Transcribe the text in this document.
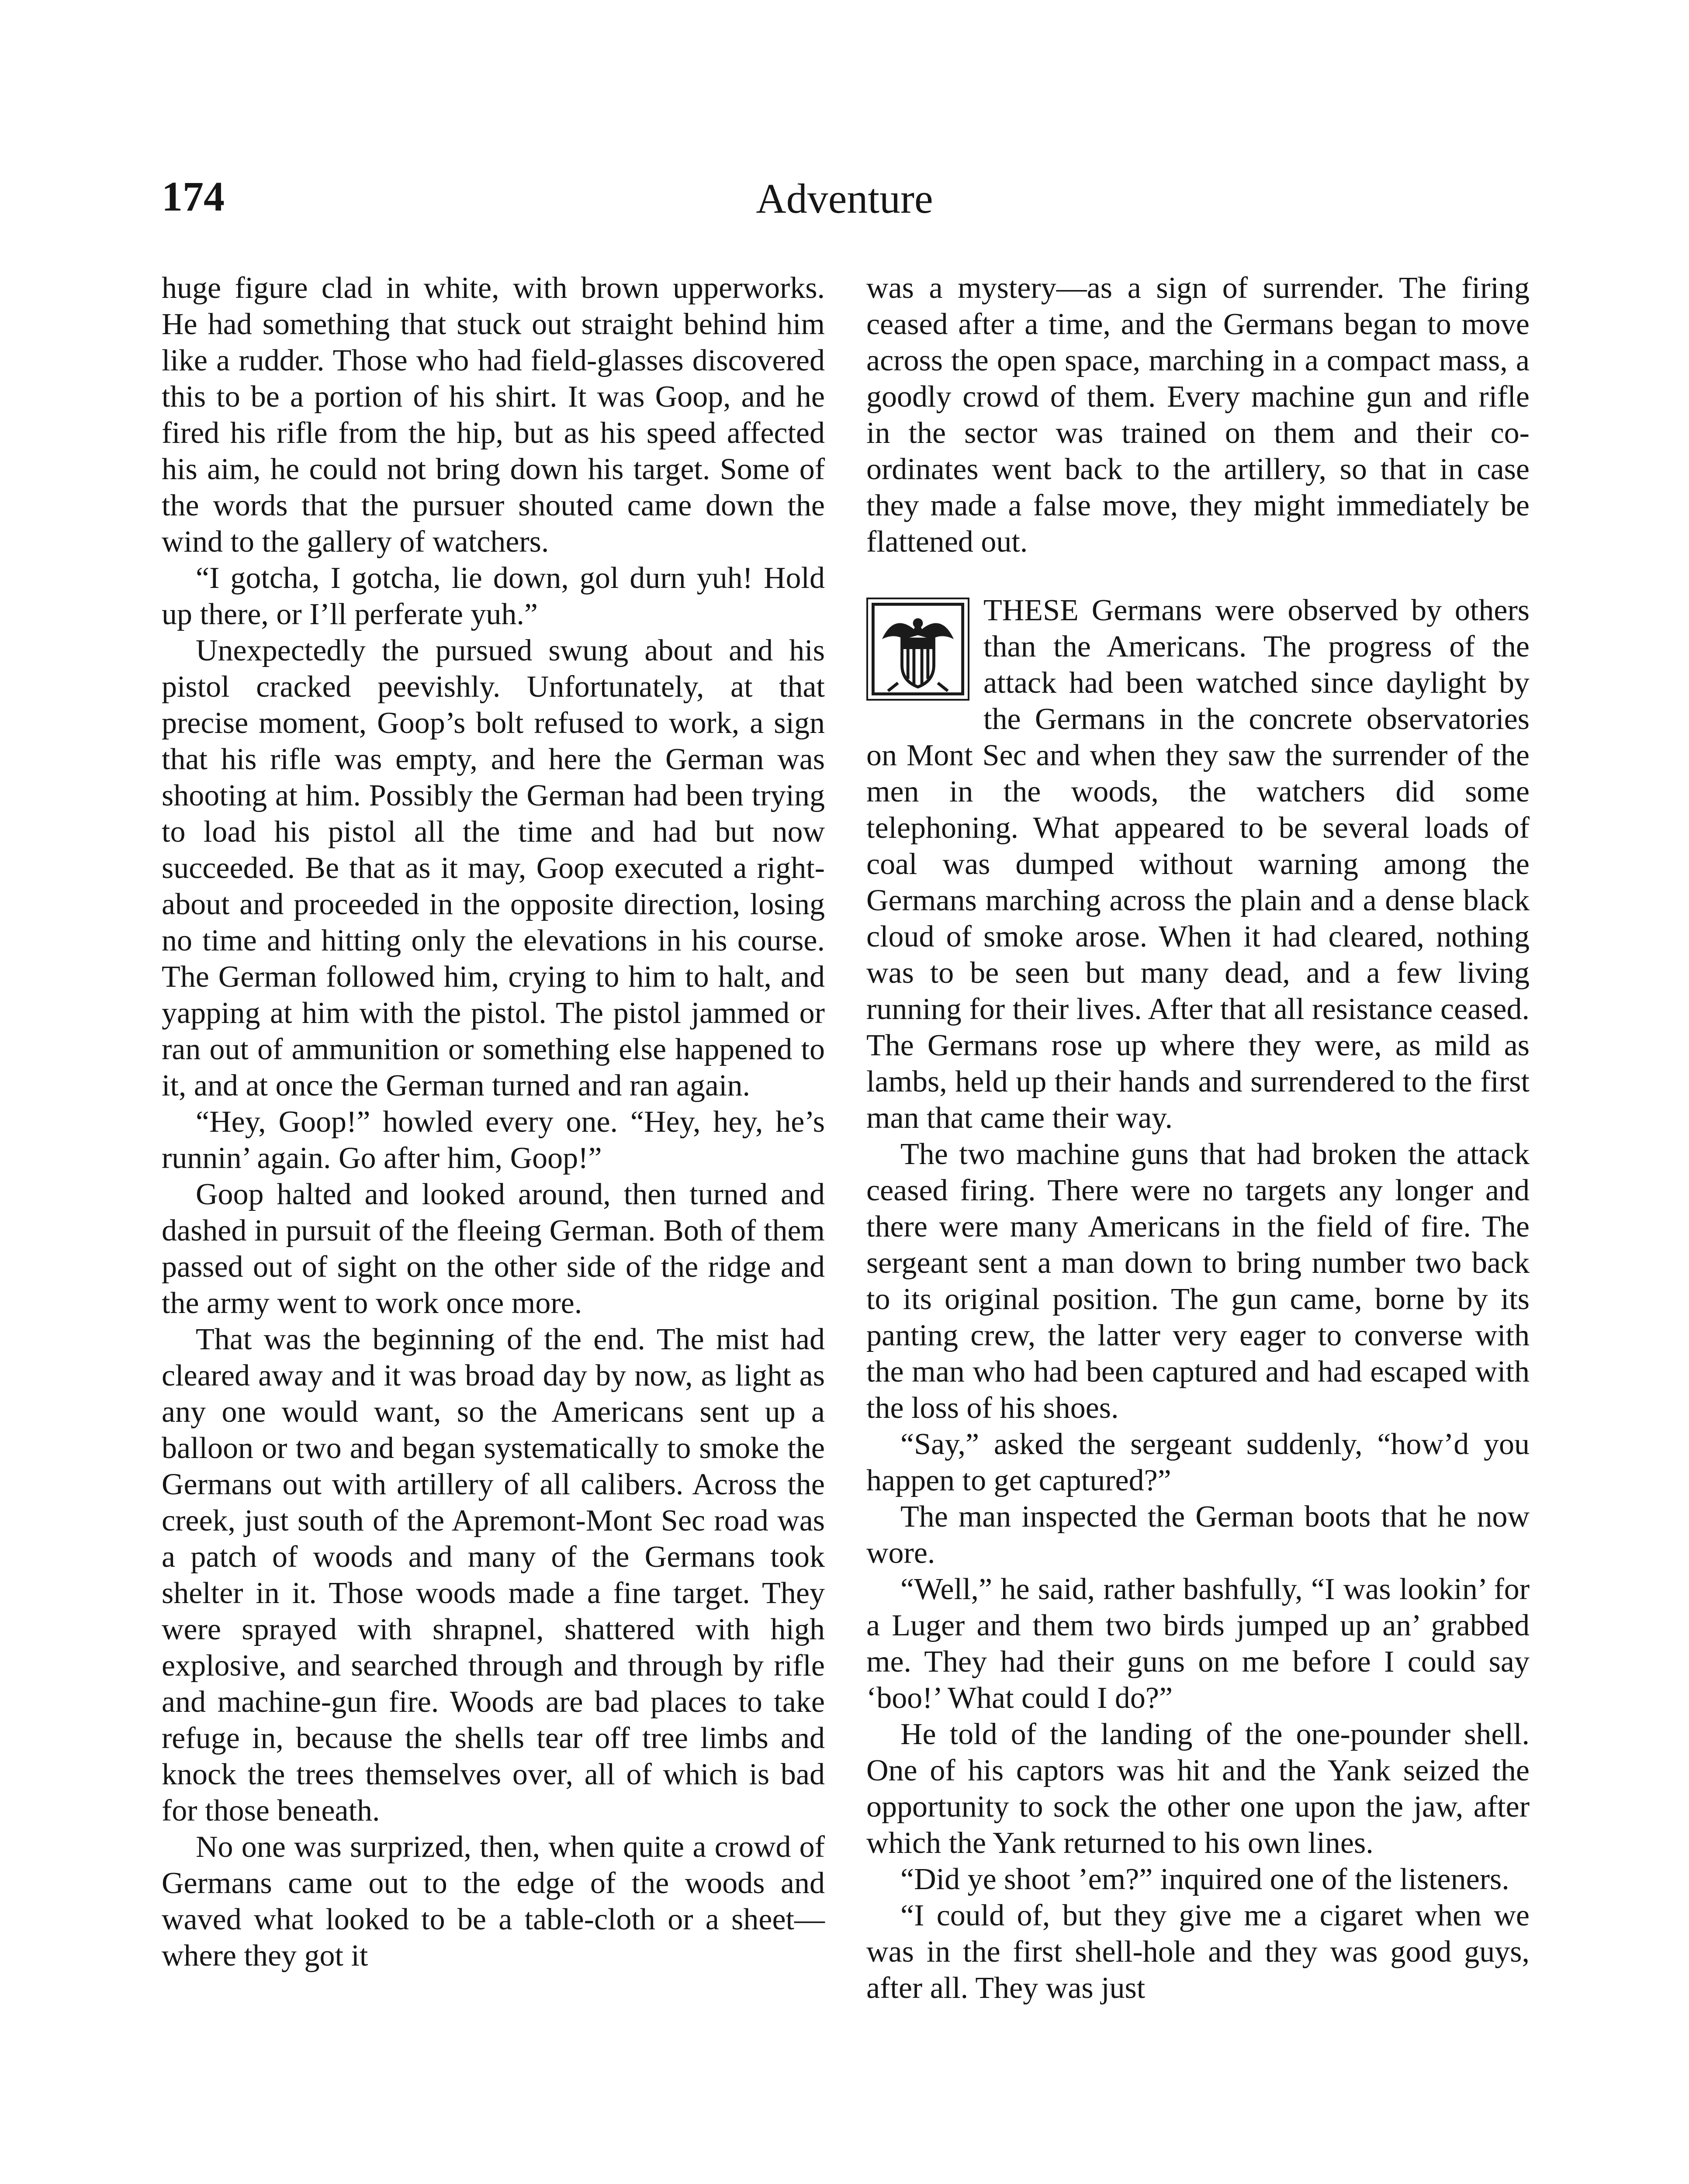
174	Adventure

huge figure clad in white, with brown upperworks. He had something that stuck out straight behind him like a rudder. Those who had field-glasses discovered this to be a portion of his shirt. It was Goop, and he fired his rifle from the hip, but as his speed affected his aim, he could not bring down his target. Some of the words that the pursuer shouted came down the wind to the gallery of watchers.

“I gotcha, I gotcha, lie down, gol durn yuh! Hold up there, or I’ll perferate yuh.”

Unexpectedly the pursued swung about and his pistol cracked peevishly. Unfortunately, at that precise moment, Goop’s bolt refused to work, a sign that his rifle was empty, and here the German was shooting at him. Possibly the German had been trying to load his pistol all the time and had but now succeeded. Be that as it may, Goop executed a right-about and proceeded in the opposite direction, losing no time and hitting only the elevations in his course. The German followed him, crying to him to halt, and yapping at him with the pistol. The pistol jammed or ran out of ammunition or something else happened to it, and at once the German turned and ran again.

“Hey, Goop!” howled every one. “Hey, hey, he’s runnin’ again. Go after him, Goop!”

Goop halted and looked around, then turned and dashed in pursuit of the fleeing German. Both of them passed out of sight on the other side of the ridge and the army went to work once more.

That was the beginning of the end. The mist had cleared away and it was broad day by now, as light as any one would want, so the Americans sent up a balloon or two and began systematically to smoke the Germans out with artillery of all calibers. Across the creek, just south of the Apremont-Mont Sec road was a patch of woods and many of the Germans took shelter in it. Those woods made a fine target. They were sprayed with shrapnel, shattered with high explosive, and searched through and through by rifle and machine-gun fire. Woods are bad places to take refuge in, because the shells tear off tree limbs and knock the trees themselves over, all of which is bad for those beneath.

No one was surprized, then, when quite a crowd of Germans came out to the edge of the woods and waved what looked to be a table-cloth or a sheet—where they got it

was a mystery—as a sign of surrender. The firing ceased after a time, and the Germans began to move across the open space, marching in a compact mass, a goodly crowd of them. Every machine gun and rifle in the sector was trained on them and their co-ordinates went back to the artillery, so that in case they made a false move, they might immediately be flattened out.

THESE Germans were observed by others than the Americans. The progress of the attack had been watched since daylight by the Germans in the concrete observatories on Mont Sec and when they saw the surrender of the men in the woods, the watchers did some telephoning. What appeared to be several loads of coal was dumped without warning among the Germans marching across the plain and a dense black cloud of smoke arose. When it had cleared, nothing was to be seen but many dead, and a few living running for their lives. After that all resistance ceased. The Germans rose up where they were, as mild as lambs, held up their hands and surrendered to the first man that came their way.

The two machine guns that had broken the attack ceased firing. There were no targets any longer and there were many Americans in the field of fire. The sergeant sent a man down to bring number two back to its original position. The gun came, borne by its panting crew, the latter very eager to converse with the man who had been captured and had escaped with the loss of his shoes.

“Say,” asked the sergeant suddenly, “how’d you happen to get captured?”

The man inspected the German boots that he now wore.

“Well,” he said, rather bashfully, “I was lookin’ for a Luger and them two birds jumped up an’ grabbed me. They had their guns on me before I could say ‘boo!’ What could I do?”

He told of the landing of the one-pounder shell. One of his captors was hit and the Yank seized the opportunity to sock the other one upon the jaw, after which the Yank returned to his own lines.

“Did ye shoot ’em?” inquired one of the listeners.

“I could of, but they give me a cigaret when we was in the first shell-hole and they was good guys, after all. They was just
